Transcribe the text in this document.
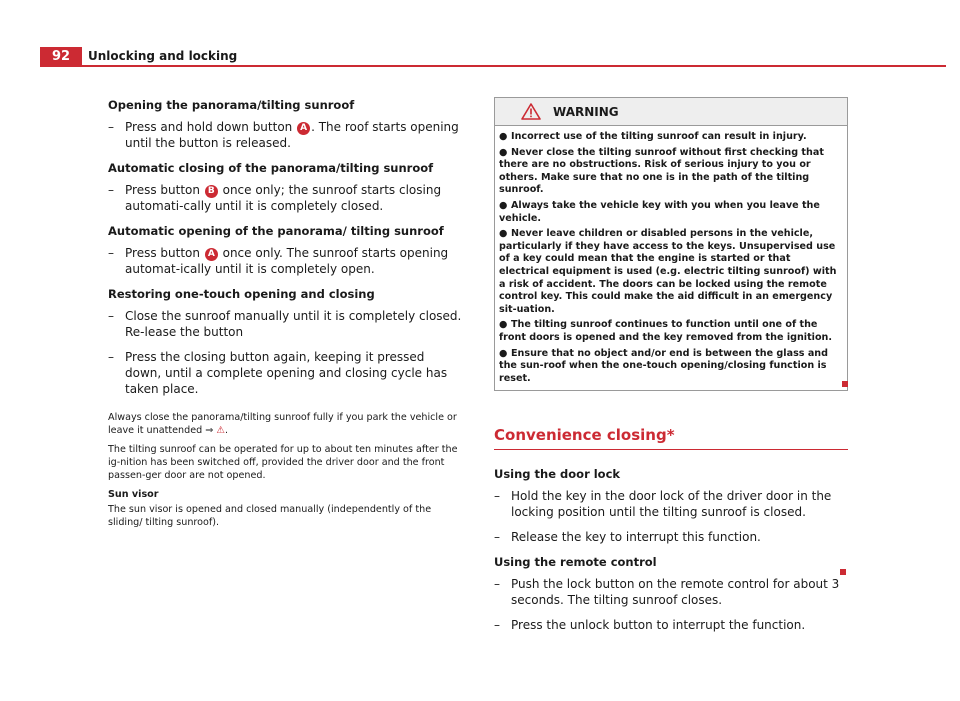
92	Unlocking and locking
Opening the panorama/tilting sunroof
– Press and hold down button A . The roof starts opening until the button is released.
Automatic closing of the panorama/tilting sunroof
– Press button B once only; the sunroof starts closing automati-cally until it is completely closed.
Automatic opening of the panorama/ tilting sunroof
– Press button A once only. The sunroof starts opening automat-ically until it is completely open.
Restoring one-touch opening and closing
– Close the sunroof manually until it is completely closed. Re-lease the button
– Press the closing button again, keeping it pressed down, until a complete opening and closing cycle has taken place.
Always close the panorama/tilting sunroof fully if you park the vehicle or leave it unattended ⇒ ⚠.
The tilting sunroof can be operated for up to about ten minutes after the ig-nition has been switched off, provided the driver door and the front passen-ger door are not opened.
Sun visor
The sun visor is opened and closed manually (independently of the sliding/ tilting sunroof).
WARNING
● Incorrect use of the tilting sunroof can result in injury.
● Never close the tilting sunroof without first checking that there are no obstructions. Risk of serious injury to you or others. Make sure that no one is in the path of the tilting sunroof.
● Always take the vehicle key with you when you leave the vehicle.
● Never leave children or disabled persons in the vehicle, particularly if they have access to the keys. Unsupervised use of a key could mean that the engine is started or that electrical equipment is used (e.g. electric tilting sunroof) with a risk of accident. The doors can be locked using the remote control key. This could make the aid difficult in an emergency sit-uation.
● The tilting sunroof continues to function until one of the front doors is opened and the key removed from the ignition.
● Ensure that no object and/or end is between the glass and the sun-roof when the one-touch opening/closing function is reset.
Convenience closing*
Using the door lock
– Hold the key in the door lock of the driver door in the locking position until the tilting sunroof is closed.
– Release the key to interrupt this function.
Using the remote control
– Push the lock button on the remote control for about 3 seconds. The tilting sunroof closes.
– Press the unlock button to interrupt the function.
